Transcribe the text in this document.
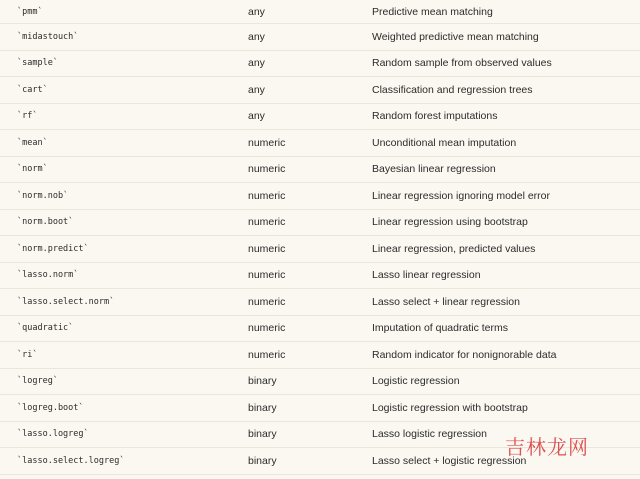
`pmm`	any	Predictive mean matching
`midastouch`	any	Weighted predictive mean matching
`sample`	any	Random sample from observed values
`cart`	any	Classification and regression trees
`rf`	any	Random forest imputations
`mean`	numeric	Unconditional mean imputation
`norm`	numeric	Bayesian linear regression
`norm.nob`	numeric	Linear regression ignoring model error
`norm.boot`	numeric	Linear regression using bootstrap
`norm.predict`	numeric	Linear regression, predicted values
`lasso.norm`	numeric	Lasso linear regression
`lasso.select.norm`	numeric	Lasso select + linear regression
`quadratic`	numeric	Imputation of quadratic terms
`ri`	numeric	Random indicator for nonignorable data
`logreg`	binary	Logistic regression
`logreg.boot`	binary	Logistic regression with bootstrap
`lasso.logreg`	binary	Lasso logistic regression
`lasso.select.logreg`	binary	Lasso select + logistic regression
吉林龙网
